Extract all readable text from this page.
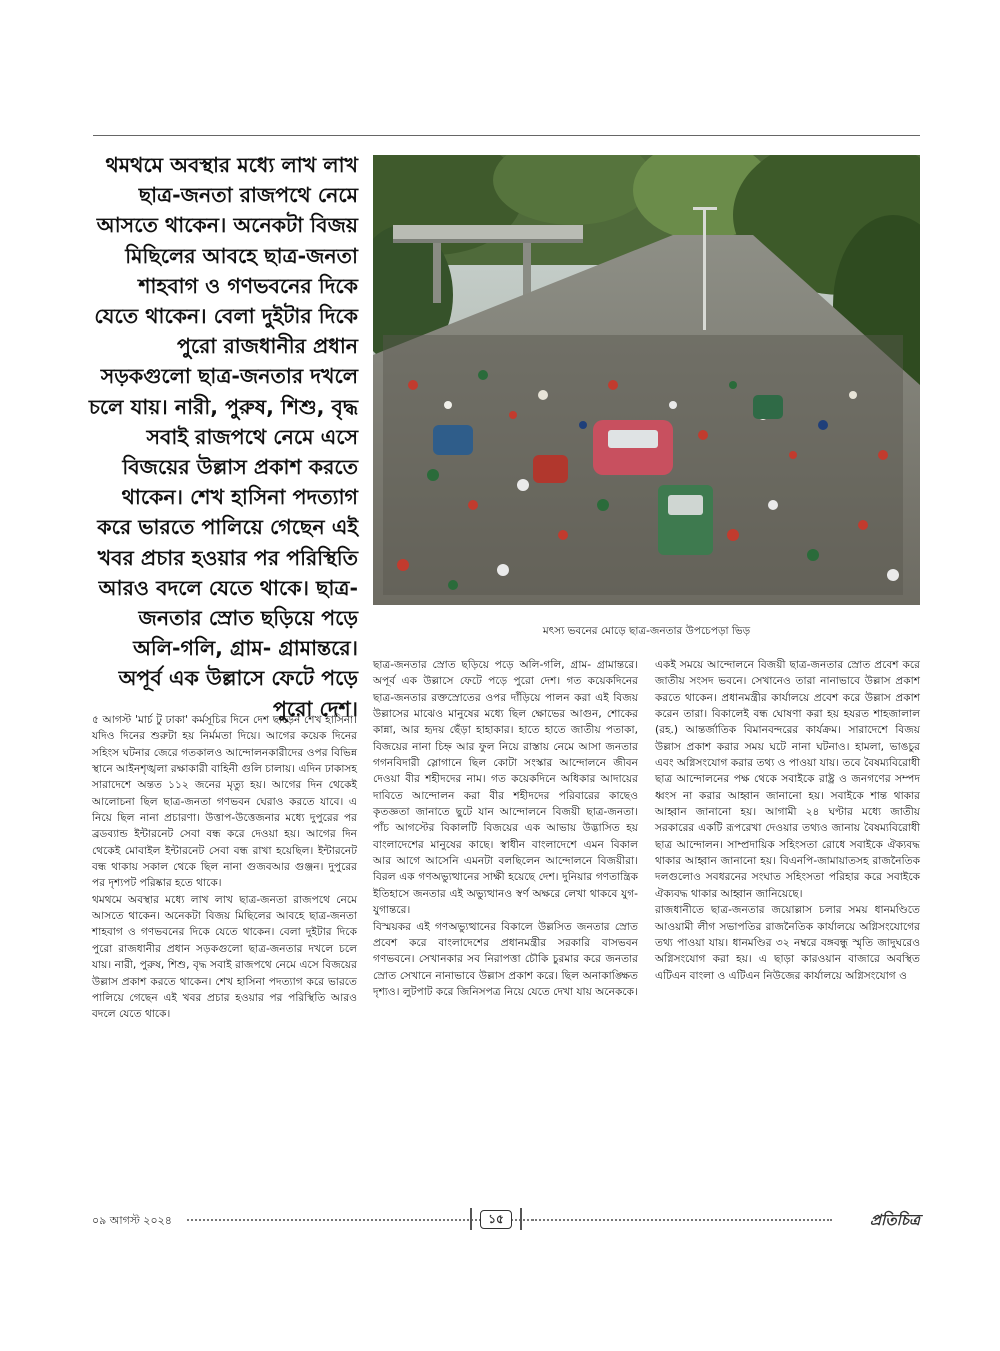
থমথমে অবস্থার মধ্যে লাখ লাখ ছাত্র-জনতা রাজপথে নেমে আসতে থাকেন। অনেকটা বিজয় মিছিলের আবহে ছাত্র-জনতা শাহবাগ ও গণভবনের দিকে যেতে থাকেন। বেলা দুইটার দিকে পুরো রাজধানীর প্রধান সড়কগুলো ছাত্র-জনতার দখলে চলে যায়। নারী, পুরুষ, শিশু, বৃদ্ধ সবাই রাজপথে নেমে এসে বিজয়ের উল্লাস প্রকাশ করতে থাকেন। শেখ হাসিনা পদত্যাগ করে ভারতে পালিয়ে গেছেন এই খবর প্রচার হওয়ার পর পরিস্থিতি আরও বদলে যেতে থাকে। ছাত্র-জনতার স্রোত ছড়িয়ে পড়ে অলি-গলি, গ্রাম- গ্রামান্তরে। অপূর্ব এক উল্লাসে ফেটে পড়ে পুরো দেশ।
মৎস্য ভবনের মোড়ে ছাত্র-জনতার উপচেপড়া ভিড়

৫ আগস্ট 'মার্চ টু ঢাকা' কর্মসূচির দিনে দেশ ছাড়েন শেখ হাসিনা। যদিও দিনের শুরুটা হয় নির্মমতা দিয়ে। আগের কয়েক দিনের সহিংস ঘটনার জেরে গতকালও আন্দোলনকারীদের ওপর বিভিন্ন স্থানে আইনশৃঙ্খলা রক্ষাকারী বাহিনী গুলি চালায়। এদিন ঢাকাসহ সারাদেশে অন্তত ১১২ জনের মৃত্যু হয়। আগের দিন থেকেই আলোচনা ছিল ছাত্র-জনতা গণভবন ঘেরাও করতে যাবে। এ নিয়ে ছিল নানা প্রচারণা। উত্তাপ-উত্তেজনার মধ্যে দুপুরের পর ব্রডব্যান্ড ইন্টারনেট সেবা বন্ধ করে দেওয়া হয়। আগের দিন থেকেই মোবাইল ইন্টারনেট সেবা বন্ধ রাখা হয়েছিল। ইন্টারনেট বন্ধ থাকায় সকাল থেকে ছিল নানা গুজবআর গুঞ্জন। দুপুরের পর দৃশ্যপট পরিষ্কার হতে থাকে।

থমথমে অবস্থার মধ্যে লাখ লাখ ছাত্র-জনতা রাজপথে নেমে আসতে থাকেন। অনেকটা বিজয় মিছিলের আবহে ছাত্র-জনতা শাহবাগ ও গণভবনের দিকে যেতে থাকেন। বেলা দুইটার দিকে পুরো রাজধানীর প্রধান সড়কগুলো ছাত্র-জনতার দখলে চলে যায়। নারী, পুরুষ, শিশু, বৃদ্ধ সবাই রাজপথে নেমে এসে বিজয়ের উল্লাস প্রকাশ করতে থাকেন। শেখ হাসিনা পদত্যাগ করে ভারতে পালিয়ে গেছেন এই খবর প্রচার হওয়ার পর পরিস্থিতি আরও বদলে যেতে থাকে।

ছাত্র-জনতার স্রোত ছড়িয়ে পড়ে অলি-গলি, গ্রাম- গ্রামান্তরে। অপূর্ব এক উল্লাসে ফেটে পড়ে পুরো দেশ। গত কয়েকদিনের ছাত্র-জনতার রক্তস্রোতের ওপর দাঁড়িয়ে পালন করা এই বিজয় উল্লাসের মাঝেও মানুষের মধ্যে ছিল ক্ষোভের আগুন, শোকের কান্না, আর হৃদয় ছেঁড়া হাহাকার। হাতে হাতে জাতীয় পতাকা, বিজয়ের নানা চিহ্ন আর ফুল নিয়ে রাস্তায় নেমে আসা জনতার গগনবিদারী স্লোগানে ছিল কোটা সংস্কার আন্দোলনে জীবন দেওয়া বীর শহীদদের নাম। গত কয়েকদিনে অধিকার আদায়ের দাবিতে আন্দোলন করা বীর শহীদদের পরিবারের কাছেও কৃতজ্ঞতা জানাতে ছুটে যান আন্দোলনে বিজয়ী ছাত্র-জনতা। পাঁচ আগস্টের বিকালটি বিজয়ের এক আভায় উদ্ভাসিত হয় বাংলাদেশের মানুষের কাছে। স্বাধীন বাংলাদেশে এমন বিকাল আর আগে আসেনি এমনটা বলছিলেন আন্দোলনে বিজয়ীরা। বিরল এক গণঅভ্যুত্থানের সাক্ষী হয়েছে দেশ। দুনিয়ার গণতান্ত্রিক ইতিহাসে জনতার এই অভ্যুত্থানও স্বর্ণ অক্ষরে লেখা থাকবে যুগ-যুগান্তরে।

বিস্ময়কর এই গণঅভ্যুত্থানের বিকালে উল্লসিত জনতার স্রোত প্রবেশ করে বাংলাদেশের প্রধানমন্ত্রীর সরকারি বাসভবন গণভবনে। সেখানকার সব নিরাপত্তা চৌকি চুরমার করে জনতার স্রোত সেখানে নানাভাবে উল্লাস প্রকাশ করে। ছিল অনাকাঙ্ক্ষিত দৃশ্যও। লুটপাট করে জিনিসপত্র নিয়ে যেতে দেখা যায় অনেককে।

একই সময়ে আন্দোলনে বিজয়ী ছাত্র-জনতার স্রোত প্রবেশ করে জাতীয় সংসদ ভবনে। সেখানেও তারা নানাভাবে উল্লাস প্রকাশ করতে থাকেন। প্রধানমন্ত্রীর কার্যালয়ে প্রবেশ করে উল্লাস প্রকাশ করেন তারা। বিকালেই বন্ধ ঘোষণা করা হয় হযরত শাহজালাল (রহ.) আন্তর্জাতিক বিমানবন্দরের কার্যক্রম। সারাদেশে বিজয় উল্লাস প্রকাশ করার সময় ঘটে নানা ঘটনাও। হামলা, ভাঙচুর এবং অগ্নিসংযোগ করার তথ্য ও পাওয়া যায়। তবে বৈষম্যবিরোধী ছাত্র আন্দোলনের পক্ষ থেকে সবাইকে রাষ্ট্র ও জনগণের সম্পদ ধ্বংস না করার আহ্বান জানানো হয়। সবাইকে শান্ত থাকার আহ্বান জানানো হয়। আগামী ২৪ ঘণ্টার মধ্যে জাতীয় সরকারের একটি রূপরেখা দেওয়ার তথ্যও জানায় বৈষম্যবিরোধী ছাত্র আন্দোলন। সাম্প্রদায়িক সহিংসতা রোধে সবাইকে ঐক্যবদ্ধ থাকার আহ্বান জানানো হয়। বিএনপি-জামায়াতসহ রাজনৈতিক দলগুলোও সবধরনের সংঘাত সহিংসতা পরিহার করে সবাইকে ঐক্যবদ্ধ থাকার আহ্বান জানিয়েছে।

রাজধানীতে ছাত্র-জনতার জয়োল্লাস চলার সময় ধানমণ্ডিতে আওয়ামী লীগ সভাপতির রাজনৈতিক কার্যালয়ে অগ্নিসংযোগের তথ্য পাওয়া যায়। ধানমণ্ডির ৩২ নম্বরে বঙ্গবন্ধু স্মৃতি জাদুঘরেও অগ্নিসংযোগ করা হয়। এ ছাড়া কারওয়ান বাজারে অবস্থিত এটিএন বাংলা ও এটিএন নিউজের কার্যালয়ে অগ্নিসংযোগ ও

০৯ আগস্ট ২০২৪	১৫	প্রতিচিত্র
